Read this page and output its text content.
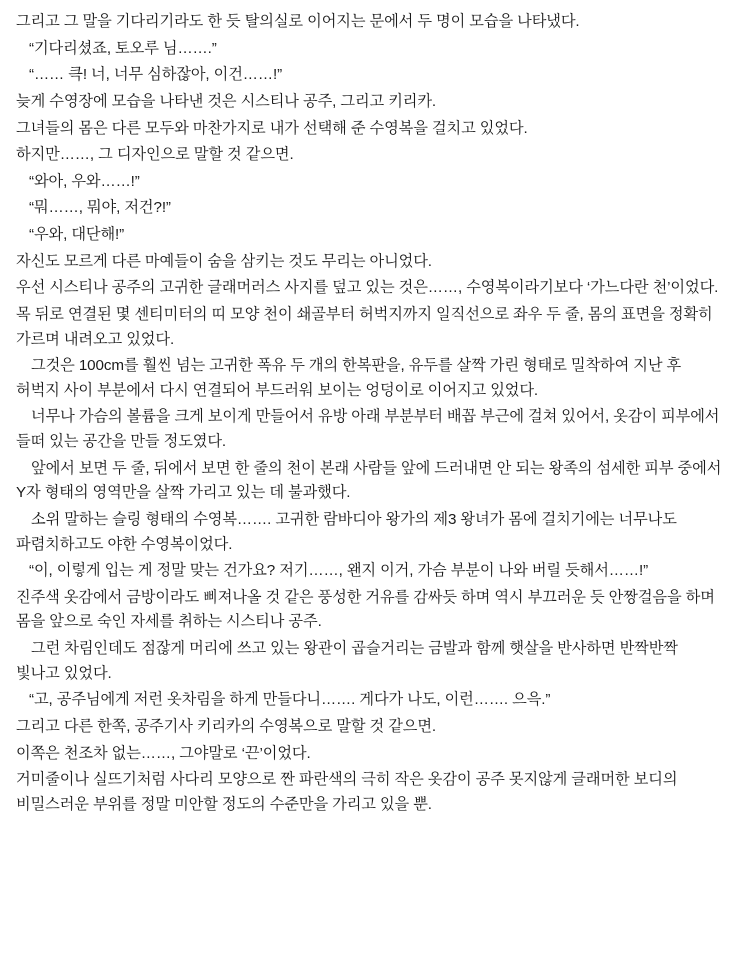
그리고 그 말을 기다리기라도 한 듯 탈의실로 이어지는 문에서 두 명이 모습을 나타냈다.

“기다리셨죠, 토오루 님…….”

“…… 큭! 너, 너무 심하잖아, 이건……!”

늦게 수영장에 모습을 나타낸 것은 시스티나 공주, 그리고 키리카.

그녀들의 몸은 다른 모두와 마찬가지로 내가 선택해 준 수영복을 걸치고 있었다.

하지만……, 그 디자인으로 말할 것 같으면.

“와아, 우와……!”

“뭐……, 뭐야, 저건?!”

“우와, 대단해!”

자신도 모르게 다른 마예들이 숨을 삼키는 것도 무리는 아니었다.

우선 시스티나 공주의 고귀한 글래머러스 사지를 덮고 있는 것은……, 수영복이라기보다 ‘가느다란 천’이었다.

목 뒤로 연결된 몇 센티미터의 띠 모양 천이 쇄골부터 허벅지까지 일직선으로 좌우 두 줄, 몸의 표면을 정확히 가르며 내려오고 있었다.

그것은 100cm를 훨씬 넘는 고귀한 폭유 두 개의 한복판을, 유두를 살짝 가린 형태로 밀착하여 지난 후 허벅지 사이 부분에서 다시 연결되어 부드러워 보이는 엉덩이로 이어지고 있었다.

너무나 가슴의 볼륨을 크게 보이게 만들어서 유방 아래 부분부터 배꼽 부근에 걸쳐 있어서, 옷감이 피부에서 들떠 있는 공간을 만들 정도였다.

앞에서 보면 두 줄, 뒤에서 보면 한 줄의 천이 본래 사람들 앞에 드러내면 안 되는 왕족의 섬세한 피부 중에서 Y자 형태의 영역만을 살짝 가리고 있는 데 불과했다.

소위 말하는 슬링 형태의 수영복……. 고귀한 람바디아 왕가의 제3 왕녀가 몸에 걸치기에는 너무나도 파렴치하고도 야한 수영복이었다.

“이, 이렇게 입는 게 정말 맞는 건가요? 저기……, 왠지 이거, 가슴 부분이 나와 버릴 듯해서……!”

진주색 옷감에서 금방이라도 삐져나올 것 같은 풍성한 거유를 감싸듯 하며 역시 부끄러운 듯 안짱걸음을 하며 몸을 앞으로 숙인 자세를 취하는 시스티나 공주.

그런 차림인데도 점잖게 머리에 쓰고 있는 왕관이 곱슬거리는 금발과 함께 햇살을 반사하면 반짝반짝 빛나고 있었다.

“고, 공주님에게 저런 옷차림을 하게 만들다니……. 게다가 나도, 이런……. 으윽.”

그리고 다른 한쪽, 공주기사 키리카의 수영복으로 말할 것 같으면.

이쪽은 천조차 없는……, 그야말로 ‘끈’이었다.

거미줄이나 실뜨기처럼 사다리 모양으로 짠 파란색의 극히 작은 옷감이 공주 못지않게 글래머한 보디의 비밀스러운 부위를 정말 미안할 정도의 수준만을 가리고 있을 뿐.
